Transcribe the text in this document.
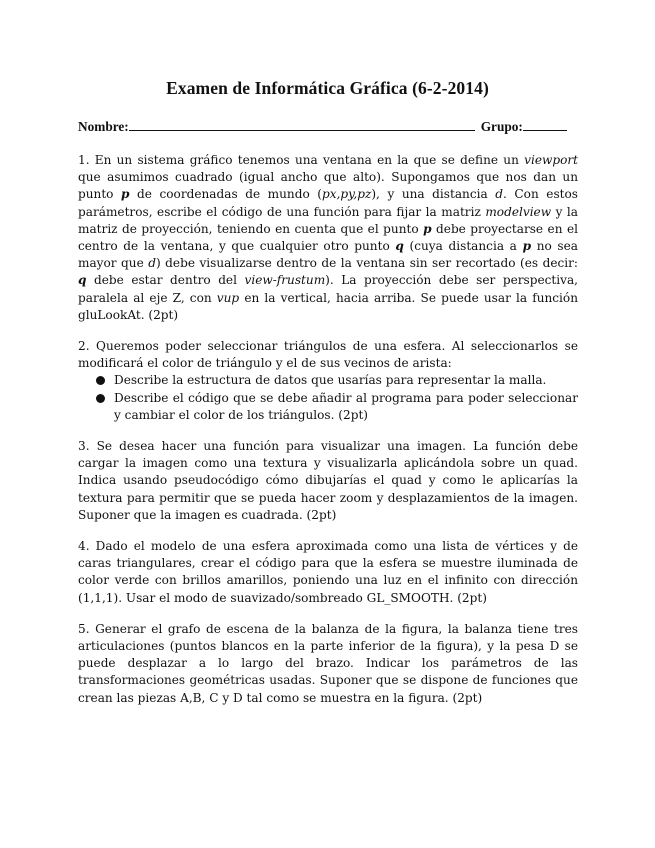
Examen de Informática Gráfica (6-2-2014)
Nombre:	Grupo:

1. En un sistema gráfico tenemos una ventana en la que se define un viewport que asumimos cuadrado (igual ancho que alto). Supongamos que nos dan un punto p de coordenadas de mundo (px,py,pz), y una distancia d. Con estos parámetros, escribe el código de una función para fijar la matriz modelview y la matriz de proyección, teniendo en cuenta que el punto p debe proyectarse en el centro de la ventana, y que cualquier otro punto q (cuya distancia a p no sea mayor que d) debe visualizarse dentro de la ventana sin ser recortado (es decir: q debe estar dentro del view-frustum). La proyección debe ser perspectiva, paralela al eje Z, con vup en la vertical, hacia arriba. Se puede usar la función gluLookAt. (2pt)

2. Queremos poder seleccionar triángulos de una esfera. Al seleccionarlos se modificará el color de triángulo y el de sus vecinos de arista:

Describe la estructura de datos que usarías para representar la malla.
Describe el código que se debe añadir al programa para poder seleccionar y cambiar el color de los triángulos. (2pt)

3. Se desea hacer una función para visualizar una imagen. La función debe cargar la imagen como una textura y visualizarla aplicándola sobre un quad. Indica usando pseudocódigo cómo dibujarías el quad y como le aplicarías la textura para permitir que se pueda hacer zoom y desplazamientos de la imagen. Suponer que la imagen es cuadrada. (2pt)

4. Dado el modelo de una esfera aproximada como una lista de vértices y de caras triangulares, crear el código para que la esfera se muestre iluminada de color verde con brillos amarillos, poniendo una luz en el infinito con dirección (1,1,1). Usar el modo de suavizado/sombreado GL_SMOOTH. (2pt)

5. Generar el grafo de escena de la balanza de la figura, la balanza tiene tres articulaciones (puntos blancos en la parte inferior de la figura), y la pesa D se puede desplazar a lo largo del brazo. Indicar los parámetros de las transformaciones geométricas usadas. Suponer que se dispone de funciones que crean las piezas A,B, C y D tal como se muestra en la figura. (2pt)
